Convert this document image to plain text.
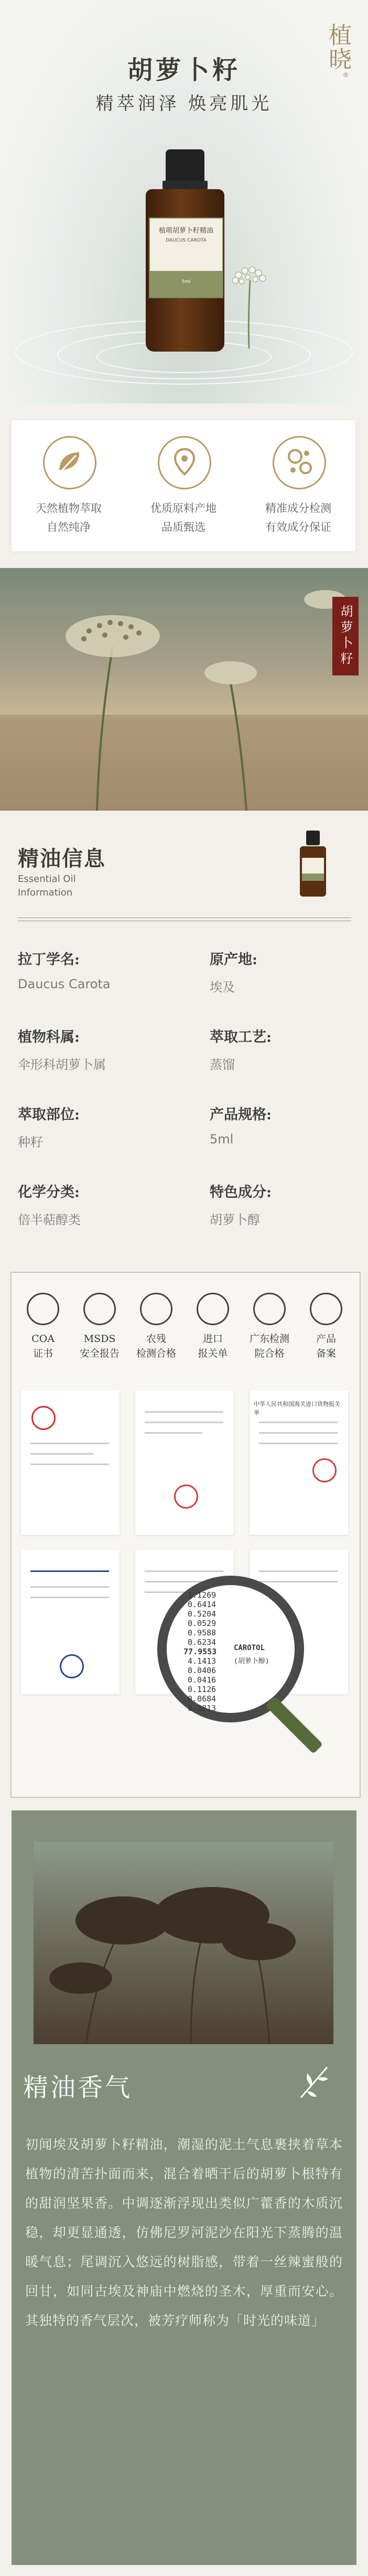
植晓®
胡萝卜籽
精萃润泽 焕亮肌光
植萌胡萝卜籽精油
DAUCUS CAROTA
5ml
天然植物萃取
自然纯净
优质原料产地
品质甄选
精准成分检测
有效成分保证
胡萝卜籽
精油信息
Essential Oil
Information
拉丁学名:
Daucus Carota
原产地:
埃及
植物科属:
伞形科胡萝卜属
萃取工艺:
蒸馏
萃取部位:
种籽
产品规格:
5ml
化学分类:
倍半萜醇类
特色成分:
胡萝卜醇
COA
证书
MSDS
安全报告
农残
检测合格
进口
报关单
广东检测
院合格
产品
备案
中华人民共和国海关进口货物报关单
1.1269
0.6414
0.5204
0.0529
0.9588
0.6234
77.9553
4.1413
0.0406
0.0416
0.1126
0.0684
0.2813
CAROTOL
(胡萝卜醇)
精油香气
初闻埃及胡萝卜籽精油，潮湿的泥土气息裹挟着草本植物的清苦扑面而来，混合着晒干后的胡萝卜根特有的甜润坚果香。中调逐渐浮现出类似广藿香的木质沉稳，却更显通透，仿佛尼罗河泥沙在阳光下蒸腾的温暖气息；尾调沉入悠远的树脂感，带着一丝辣蜜般的回甘，如同古埃及神庙中燃烧的圣木，厚重而安心。其独特的香气层次，被芳疗师称为「时光的味道」
